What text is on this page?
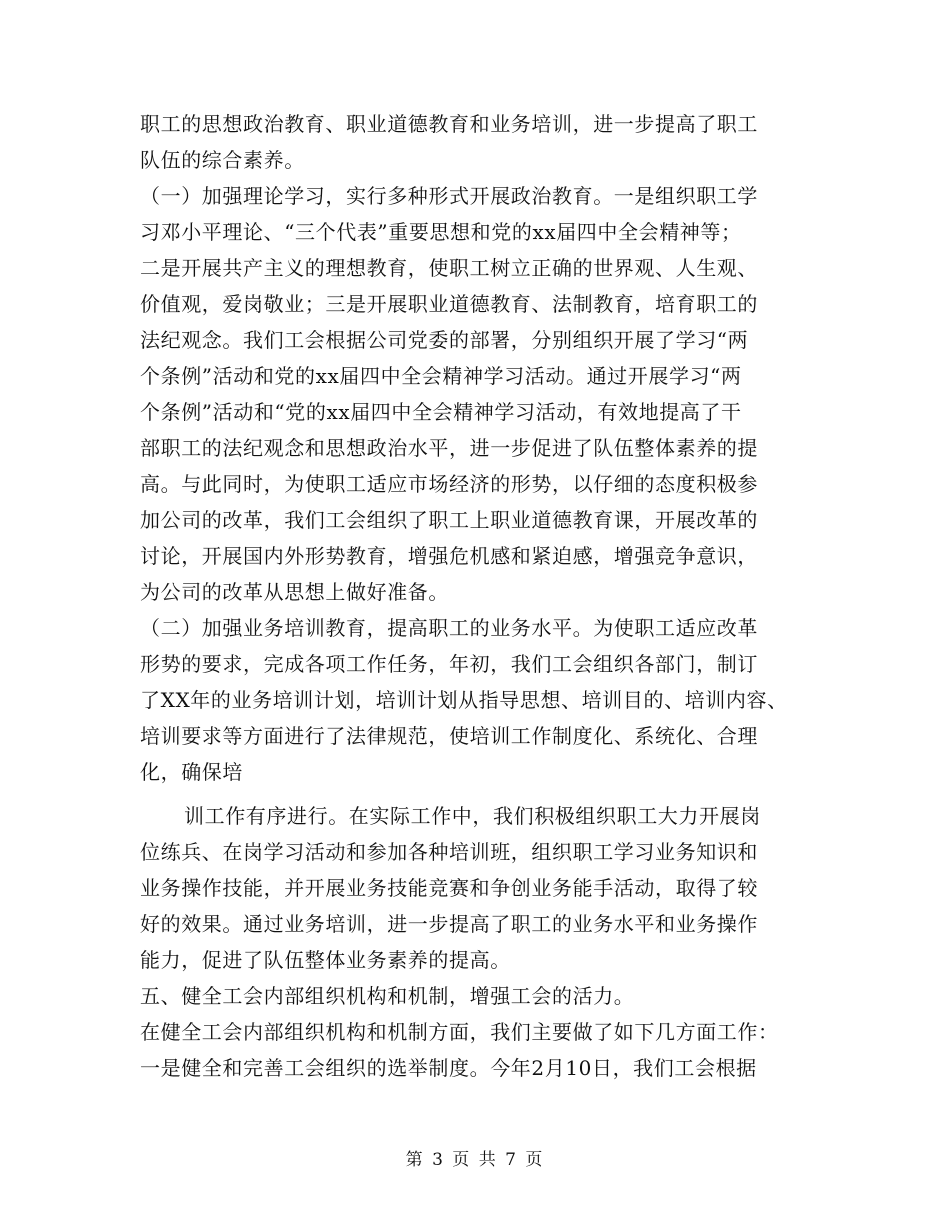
职工的思想政治教育、职业道德教育和业务培训，进一步提高了职工
队伍的综合素养。
（一）加强理论学习，实行多种形式开展政治教育。一是组织职工学
习邓小平理论、“三个代表”重要思想和党的xx届四中全会精神等；
二是开展共产主义的理想教育，使职工树立正确的世界观、人生观、
价值观，爱岗敬业；三是开展职业道德教育、法制教育，培育职工的
法纪观念。我们工会根据公司党委的部署，分别组织开展了学习“两
个条例”活动和党的xx届四中全会精神学习活动。通过开展学习“两
个条例”活动和“党的xx届四中全会精神学习活动，有效地提高了干
部职工的法纪观念和思想政治水平，进一步促进了队伍整体素养的提
高。与此同时，为使职工适应市场经济的形势，以仔细的态度积极参
加公司的改革，我们工会组织了职工上职业道德教育课，开展改革的
讨论，开展国内外形势教育，增强危机感和紧迫感，增强竞争意识，
为公司的改革从思想上做好准备。
（二）加强业务培训教育，提高职工的业务水平。为使职工适应改革
形势的要求，完成各项工作任务，年初，我们工会组织各部门，制订
了XX年的业务培训计划，培训计划从指导思想、培训目的、培训内容、
培训要求等方面进行了法律规范，使培训工作制度化、系统化、合理
化，确保培
训工作有序进行。在实际工作中，我们积极组织职工大力开展岗
位练兵、在岗学习活动和参加各种培训班，组织职工学习业务知识和
业务操作技能，并开展业务技能竞赛和争创业务能手活动，取得了较
好的效果。通过业务培训，进一步提高了职工的业务水平和业务操作
能力，促进了队伍整体业务素养的提高。
五、健全工会内部组织机构和机制，增强工会的活力。
在健全工会内部组织机构和机制方面，我们主要做了如下几方面工作：
一是健全和完善工会组织的选举制度。今年2月10日，我们工会根据
第 3 页 共 7 页
